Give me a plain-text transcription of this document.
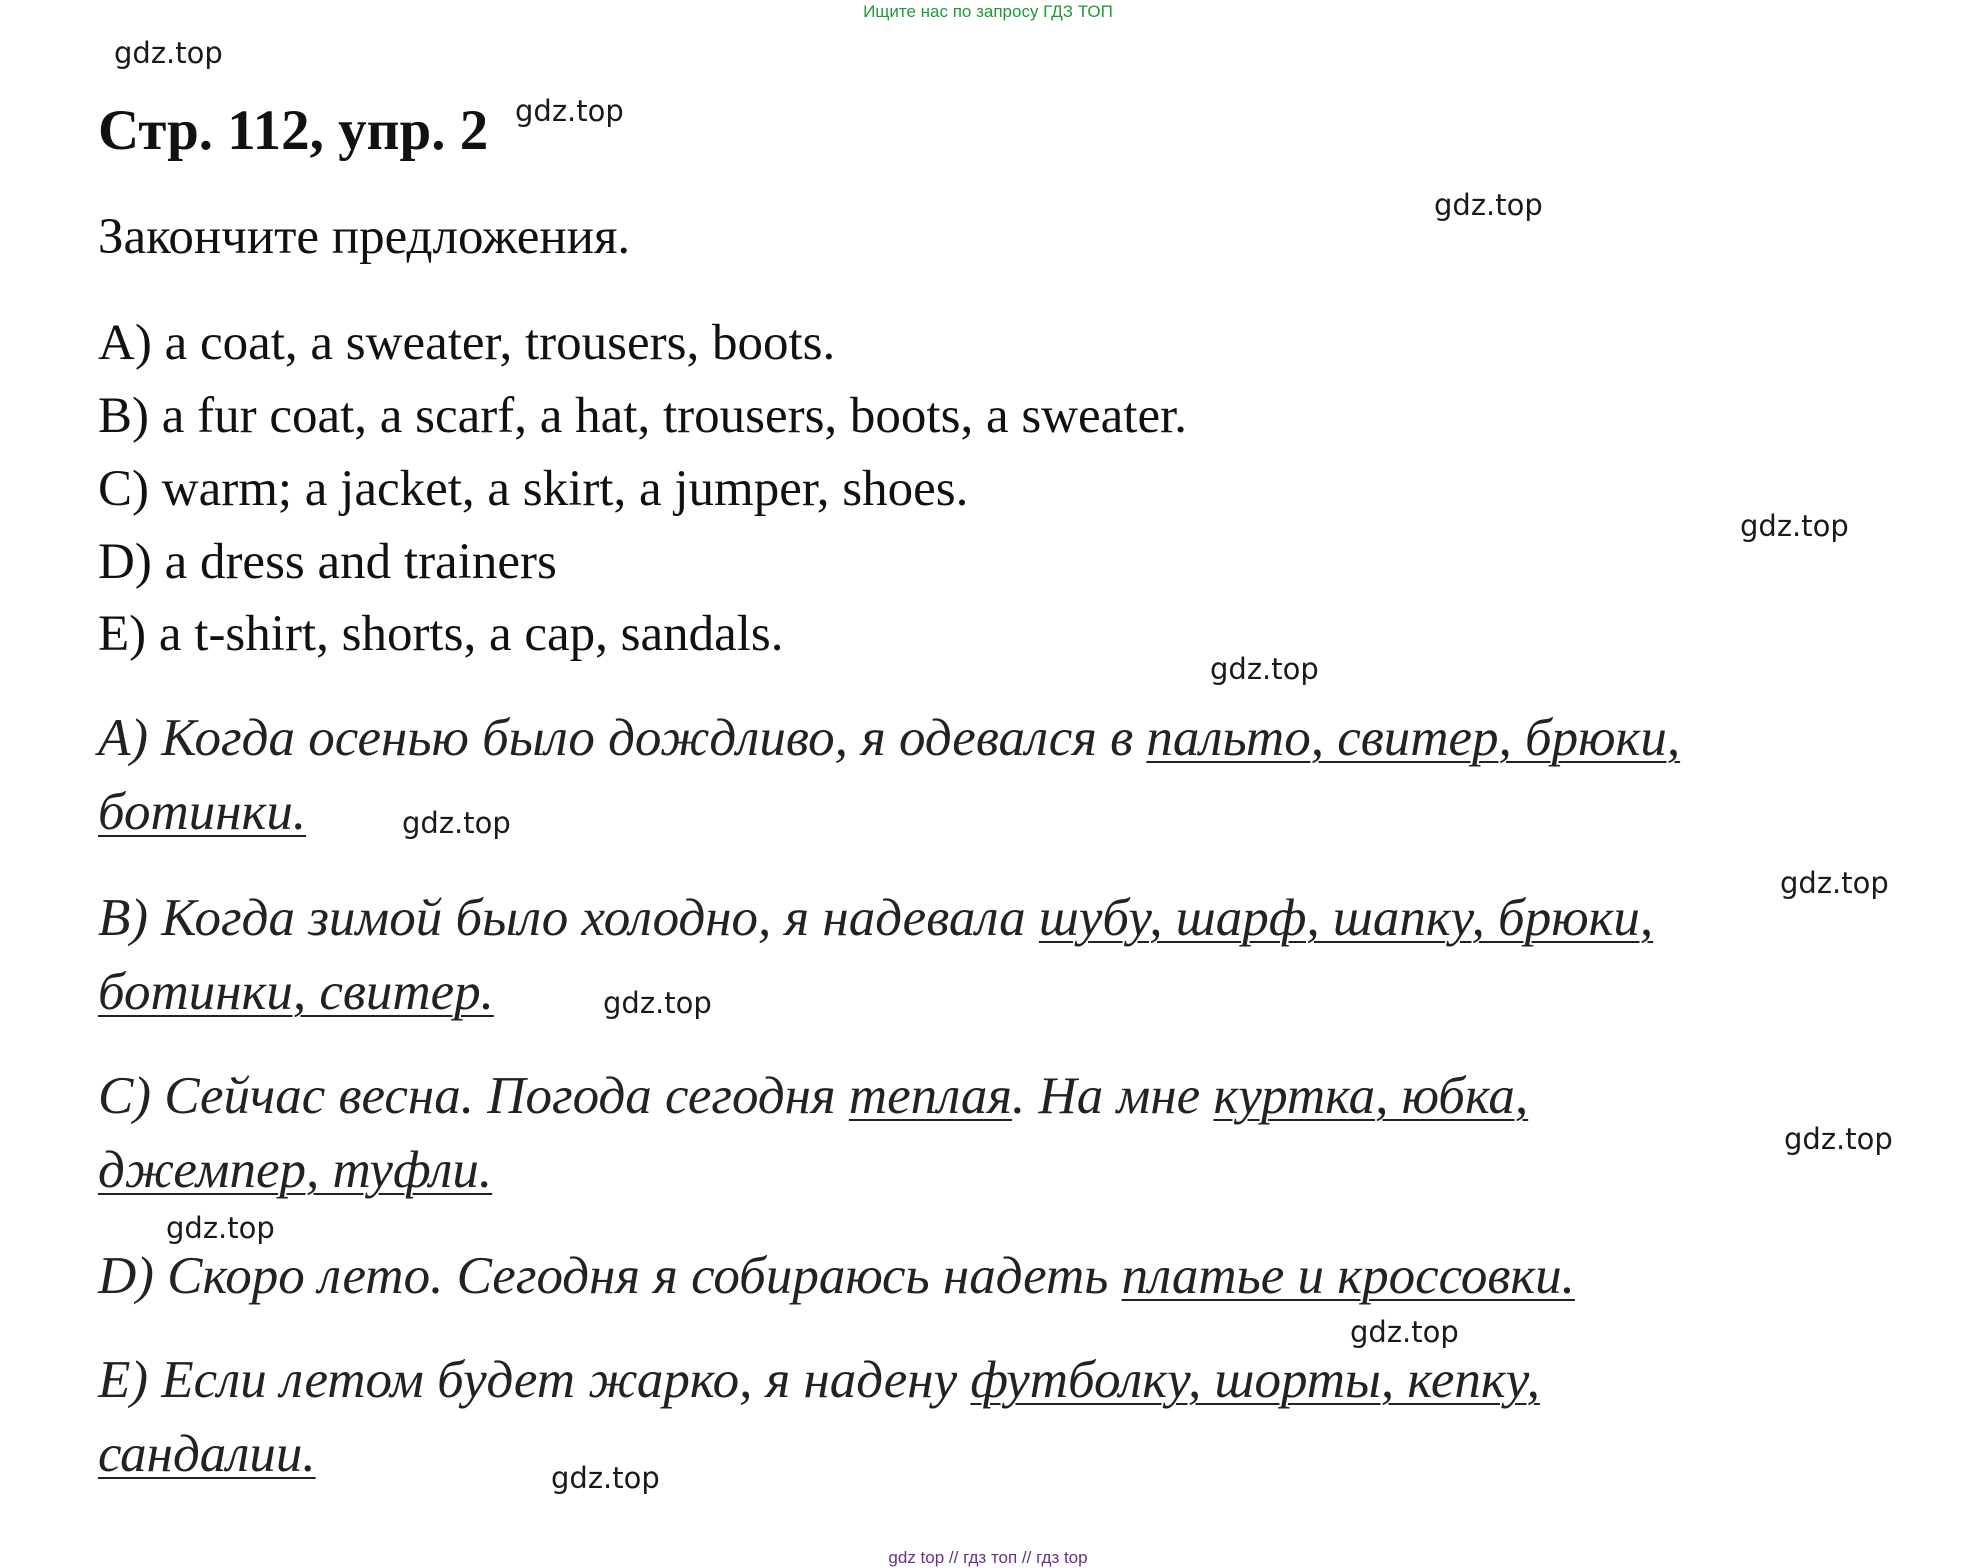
Ищите нас по запросу ГДЗ ТОП
gdz.top
gdz.top
gdz.top
gdz.top
gdz.top
gdz.top
gdz.top
gdz.top
gdz.top
gdz.top
gdz.top
gdz.top
Стр. 112, упр. 2
Закончите предложения.
A) a coat, a sweater, trousers, boots.
B) a fur coat, a scarf, a hat, trousers, boots, a sweater.
C) warm; a jacket, a skirt, a jumper, shoes.
D) a dress and trainers
E) a t-shirt, shorts, a cap, sandals.
A) Когда осенью было дождливо, я одевался в пальто, свитер, брюки,
ботинки.
B) Когда зимой было холодно, я надевала шубу, шарф, шапку, брюки,
ботинки, свитер.
C) Сейчас весна. Погода сегодня теплая. На мне куртка, юбка,
джемпер, туфли.
D) Скоро лето. Сегодня я собираюсь надеть платье и кроссовки.
E) Если летом будет жарко, я надену футболку, шорты, кепку,
сандалии.
gdz top // гдз топ // гдз top
